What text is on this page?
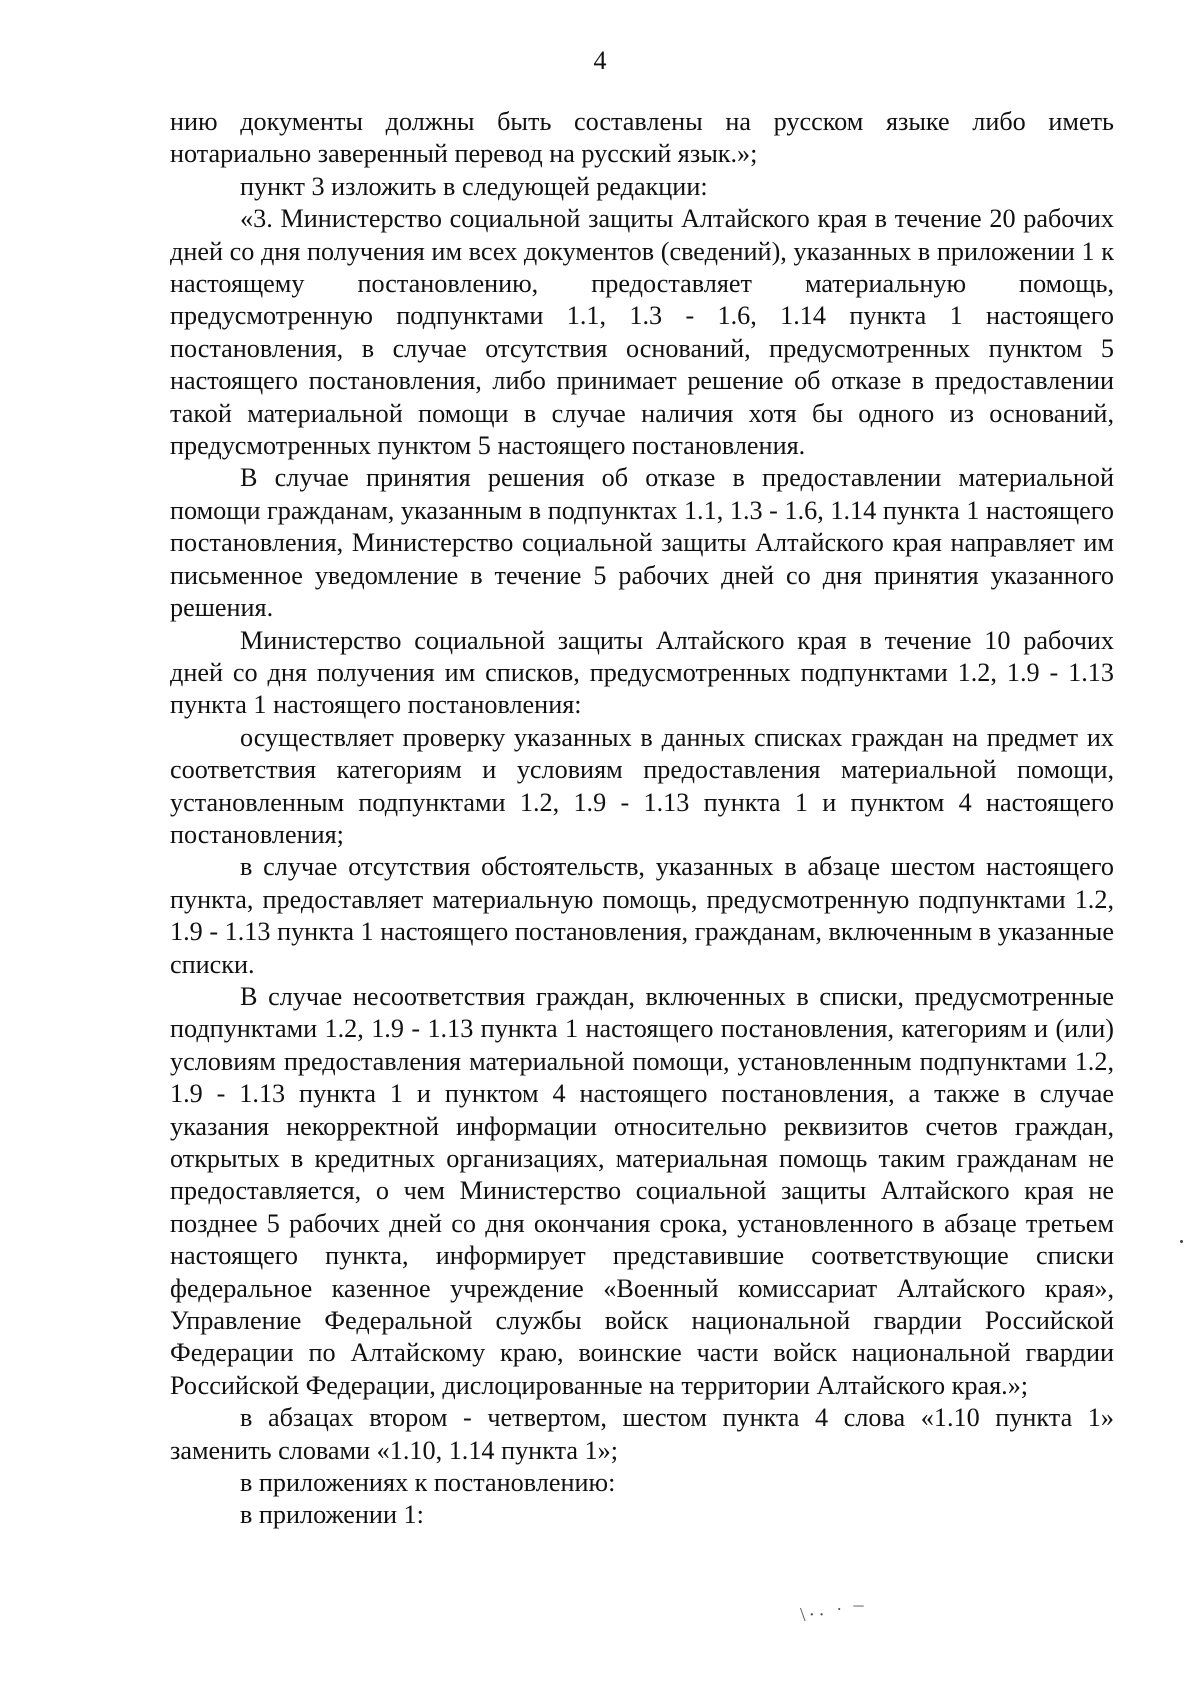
4

нию документы должны быть составлены на русском языке либо иметь нотариально заверенный перевод на русский язык.»;

пункт 3 изложить в следующей редакции:

«3. Министерство социальной защиты Алтайского края в течение 20 рабочих дней со дня получения им всех документов (сведений), указанных в приложении 1 к настоящему постановлению, предоставляет материальную помощь, предусмотренную подпунктами 1.1, 1.3 - 1.6, 1.14 пункта 1 настоящего постановления, в случае отсутствия оснований, предусмотренных пунктом 5 настоящего постановления, либо принимает решение об отказе в предоставлении такой материальной помощи в случае наличия хотя бы одного из оснований, предусмотренных пунктом 5 настоящего постановления.

В случае принятия решения об отказе в предоставлении материальной помощи гражданам, указанным в подпунктах 1.1, 1.3 - 1.6, 1.14 пункта 1 настоящего постановления, Министерство социальной защиты Алтайского края направляет им письменное уведомление в течение 5 рабочих дней со дня принятия указанного решения.

Министерство социальной защиты Алтайского края в течение 10 рабочих дней со дня получения им списков, предусмотренных подпунктами 1.2, 1.9 - 1.13 пункта 1 настоящего постановления:

осуществляет проверку указанных в данных списках граждан на предмет их соответствия категориям и условиям предоставления материальной помощи, установленным подпунктами 1.2, 1.9 - 1.13 пункта 1 и пунктом 4 настоящего постановления;

в случае отсутствия обстоятельств, указанных в абзаце шестом настоящего пункта, предоставляет материальную помощь, предусмотренную подпунктами 1.2, 1.9 - 1.13 пункта 1 настоящего постановления, гражданам, включенным в указанные списки.

В случае несоответствия граждан, включенных в списки, предусмотренные подпунктами 1.2, 1.9 - 1.13 пункта 1 настоящего постановления, категориям и (или) условиям предоставления материальной помощи, установленным подпунктами 1.2, 1.9 - 1.13 пункта 1 и пунктом 4 настоящего постановления, а также в случае указания некорректной информации относительно реквизитов счетов граждан, открытых в кредитных организациях, материальная помощь таким гражданам не предоставляется, о чем Министерство социальной защиты Алтайского края не позднее 5 рабочих дней со дня окончания срока, установленного в абзаце третьем настоящего пункта, информирует представившие соответствующие списки федеральное казенное учреждение «Военный комиссариат Алтайского края», Управление Федеральной службы войск национальной гвардии Российской Федерации по Алтайскому краю, воинские части войск национальной гвардии Российской Федерации, дислоцированные на территории Алтайского края.»;

в абзацах втором - четвертом, шестом пункта 4 слова «1.10 пункта 1» заменить словами «1.10, 1.14 пункта 1»;

в приложениях к постановлению:

в приложении 1:

\·· ˙ ¯
